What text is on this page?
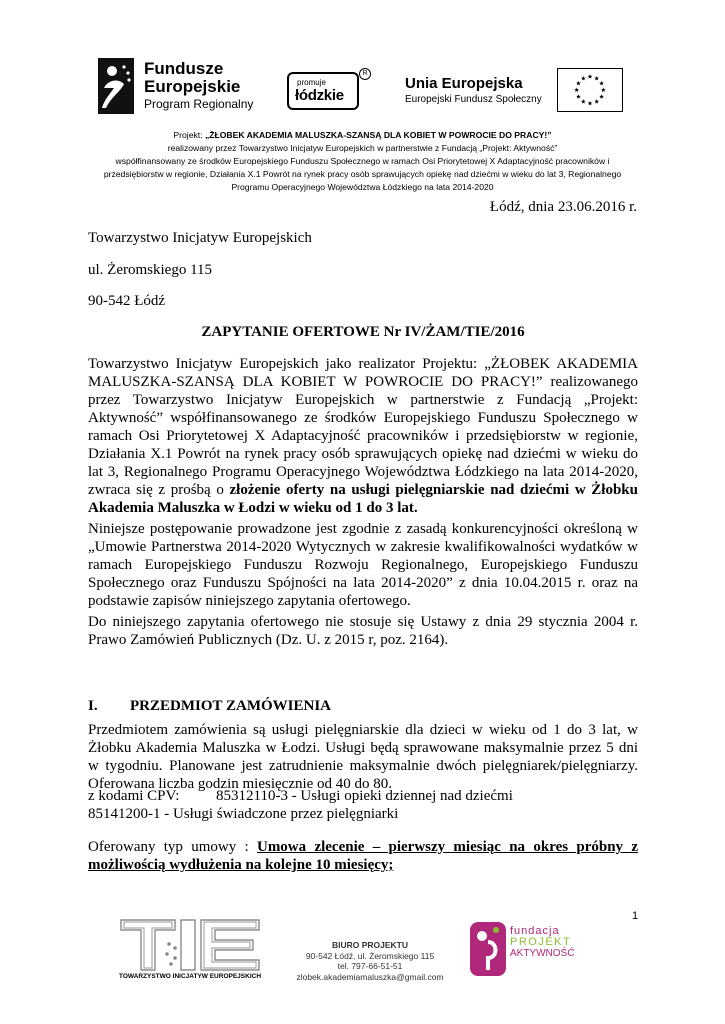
Fundusze
Europejskie
Program Regionalny
promuje
łódzkie
R
Unia Europejska
Europejski Fundusz Społeczny
Projekt: „ŻŁOBEK AKADEMIA MALUSZKA-SZANSĄ DLA KOBIET W POWROCIE DO PRACY!”
realizowany przez Towarzystwo Inicjatyw Europejskich w partnerstwie z Fundacją „Projekt: Aktywność”
współfinansowany ze środków Europejskiego Funduszu Społecznego w ramach Osi Priorytetowej X Adaptacyjność pracowników i
przedsiębiorstw w regionie, Działania X.1 Powrót na rynek pracy osób sprawujących opiekę nad dziećmi w wieku do lat 3, Regionalnego
Programu Operacyjnego Województwa Łódzkiego na lata 2014-2020
Łódź, dnia 23.06.2016 r.
Towarzystwo Inicjatyw Europejskich
ul. Żeromskiego 115
90-542 Łódź
ZAPYTANIE OFERTOWE Nr IV/ŻAM/TIE/2016
Towarzystwo Inicjatyw Europejskich jako realizator Projektu: „ŻŁOBEK AKADEMIA MALUSZKA-SZANSĄ DLA KOBIET W POWROCIE DO PRACY!” realizowanego przez Towarzystwo Inicjatyw Europejskich w partnerstwie z Fundacją „Projekt: Aktywność” współfinansowanego ze środków Europejskiego Funduszu Społecznego w ramach Osi Priorytetowej X Adaptacyjność pracowników i przedsiębiorstw w regionie, Działania X.1 Powrót na rynek pracy osób sprawujących opiekę nad dziećmi w wieku do lat 3, Regionalnego Programu Operacyjnego Województwa Łódzkiego na lata 2014-2020, zwraca się z prośbą o złożenie oferty na usługi pielęgniarskie nad dziećmi w Żłobku Akademia Maluszka w Łodzi w wieku od 1 do 3 lat.
Niniejsze postępowanie prowadzone jest zgodnie z zasadą konkurencyjności określoną w „Umowie Partnerstwa 2014-2020 Wytycznych w zakresie kwalifikowalności wydatków w ramach Europejskiego Funduszu Rozwoju Regionalnego, Europejskiego Funduszu Społecznego oraz Funduszu Spójności na lata 2014-2020” z dnia 10.04.2015 r. oraz na podstawie zapisów niniejszego zapytania ofertowego.
Do niniejszego zapytania ofertowego nie stosuje się Ustawy z dnia 29 stycznia 2004 r. Prawo Zamówień Publicznych (Dz. U. z 2015 r, poz. 2164).
I. PRZEDMIOT ZAMÓWIENIA
Przedmiotem zamówienia są usługi pielęgniarskie dla dzieci w wieku od 1 do 3 lat, w Żłobku Akademia Maluszka w Łodzi. Usługi będą sprawowane maksymalnie przez 5 dni w tygodniu. Planowane jest zatrudnienie maksymalnie dwóch pielęgniarek/pielęgniarzy. Oferowana liczba godzin miesięcznie od 40 do 80.
z kodami CPV: 85312110-3 - Usługi opieki dziennej nad dziećmi
85141200-1 - Usługi świadczone przez pielęgniarki
Oferowany typ umowy : Umowa zlecenie – pierwszy miesiąc na okres próbny z możliwością wydłużenia na kolejne 10 miesięcy;
1
TOWARZYSTWO INICJATYW EUROPEJSKICH
BIURO PROJEKTU
90-542 Łódź, ul. Żeromskiego 115
tel. 797-66-51-51
zlobek.akademiamaluszka@gmail.com
fundacja
PROJEKT
AKTYWNOŚĆ
